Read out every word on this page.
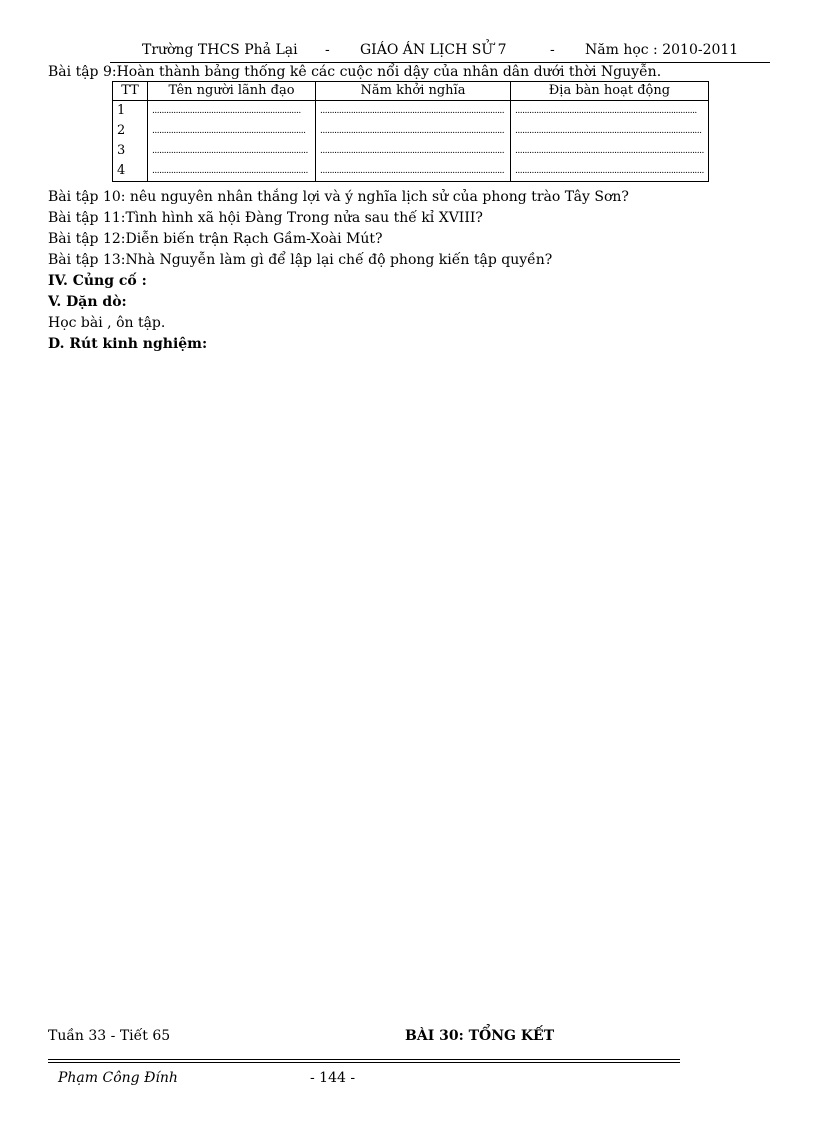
Trường THCS Phả Lại - GIÁO ÁN LỊCH SỬ 7	- Năm học : 2010-2011
Bài tập 9:Hoàn thành bảng thống kê các cuộc nổi dậy của nhân dân dưới thời Nguyễn.
TT	Tên người lãnh đạo	Năm khởi nghĩa	Địa bàn hoạt động
1	...............................................................	..............................................................................	.............................................................................

2	.................................................................	..............................................................................	...............................................................................

3	..................................................................	..............................................................................	................................................................................

4	..................................................................	..............................................................................	................................................................................
Bài tập 10: nêu nguyên nhân thắng lợi và ý nghĩa lịch sử của phong trào Tây Sơn?
Bài tập 11:Tình hình xã hội Đàng Trong nửa sau thế kỉ XVIII?
Bài tập 12:Diễn biến trận Rạch Gầm-Xoài Mút?
Bài tập 13:Nhà Nguyễn làm gì để lập lại chế độ phong kiến tập quyền?
IV. Củng cố :
V. Dặn dò:
Học bài , ôn tập.
D. Rút kinh nghiệm:
Tuần 33 - Tiết 65	BÀI 30: TỔNG KẾT
Phạm Công Đính	- 144 -
